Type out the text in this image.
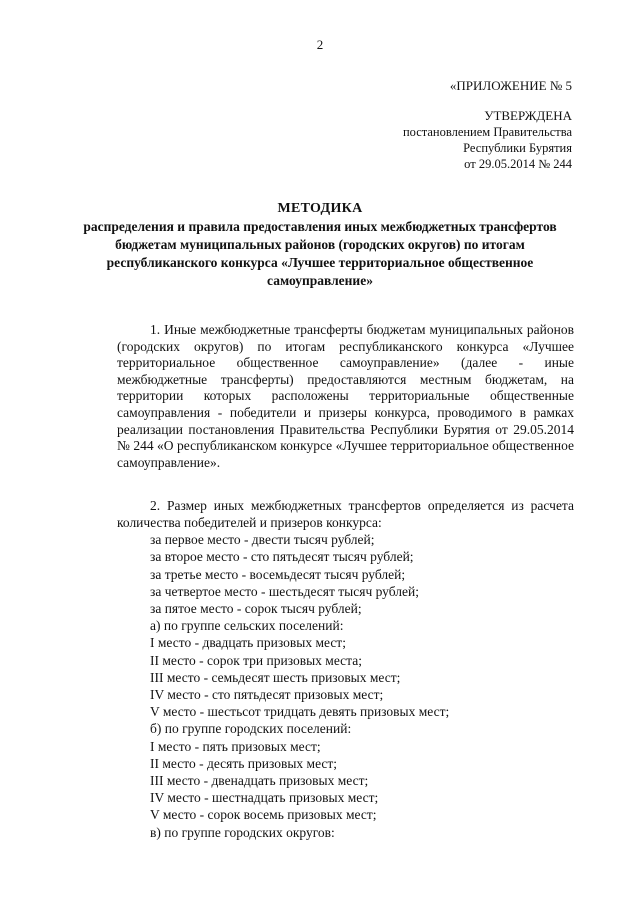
2
«ПРИЛОЖЕНИЕ № 5
УТВЕРЖДЕНА
постановлением Правительства
Республики Бурятия
от 29.05.2014 № 244
МЕТОДИКА
распределения и правила предоставления иных межбюджетных трансфертов бюджетам муниципальных районов (городских округов) по итогам республиканского конкурса «Лучшее территориальное общественное самоуправление»

1. Иные межбюджетные трансферты бюджетам муниципальных районов (городских округов) по итогам республиканского конкурса «Лучшее территориальное общественное самоуправление» (далее - иные межбюджетные трансферты) предоставляются местным бюджетам, на территории которых расположены территориальные общественные самоуправления - победители и призеры конкурса, проводимого в рамках реализации постановления Правительства Республики Бурятия от 29.05.2014 № 244 «О республиканском конкурсе «Лучшее территориальное общественное самоуправление».

2. Размер иных межбюджетных трансфертов определяется из расчета количества победителей и призеров конкурса:

за первое место - двести тысяч рублей;
за второе место - сто пятьдесят тысяч рублей;
за третье место - восемьдесят тысяч рублей;
за четвертое место - шестьдесят тысяч рублей;
за пятое место - сорок тысяч рублей;
а) по группе сельских поселений:
I место - двадцать призовых мест;
II место - сорок три призовых места;
III место - семьдесят шесть призовых мест;
IV место - сто пятьдесят призовых мест;
V место - шестьсот тридцать девять призовых мест;
б) по группе городских поселений:
I место - пять призовых мест;
II место - десять призовых мест;
III место - двенадцать призовых мест;
IV место - шестнадцать призовых мест;
V место - сорок восемь призовых мест;
в) по группе городских округов:
